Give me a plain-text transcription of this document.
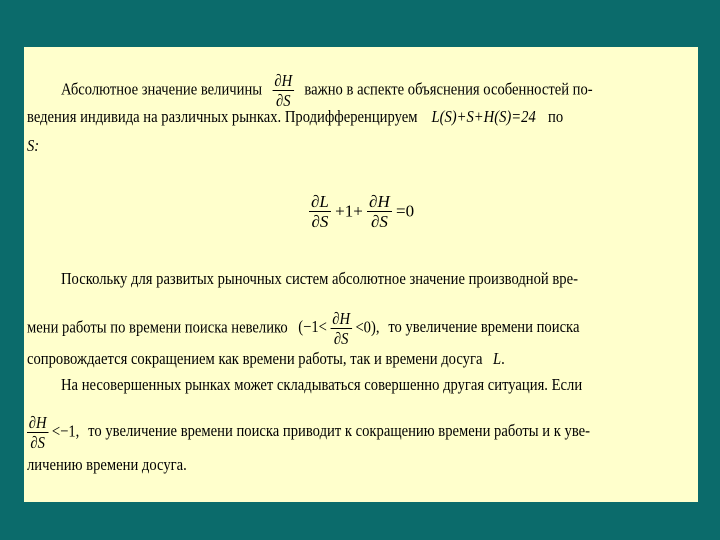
Абсолютное значение величины $\frac{\partial H}{\partial S}$ важно в аспекте объяснения особенностей по-
ведения индивида на различных рынках. Продифференцируем L(S)+S+H(S)=24 по
S:
$\frac{\partial L}{\partial S} +1+ \frac{\partial H}{\partial S} =0$
Поскольку для развитых рыночных систем абсолютное значение производной вре-
мени работы по времени поиска невелико $(-1< \frac{\partial H}{\partial S} <0)$, то увеличение времени поиска
сопровождается сокращением как времени работы, так и времени досуга L.
На несовершенных рынках может складываться совершенно другая ситуация. Если
$\frac{\partial H}{\partial S} <-1$, то увеличение времени поиска приводит к сокращению времени работы и к уве-
личению времени досуга.
